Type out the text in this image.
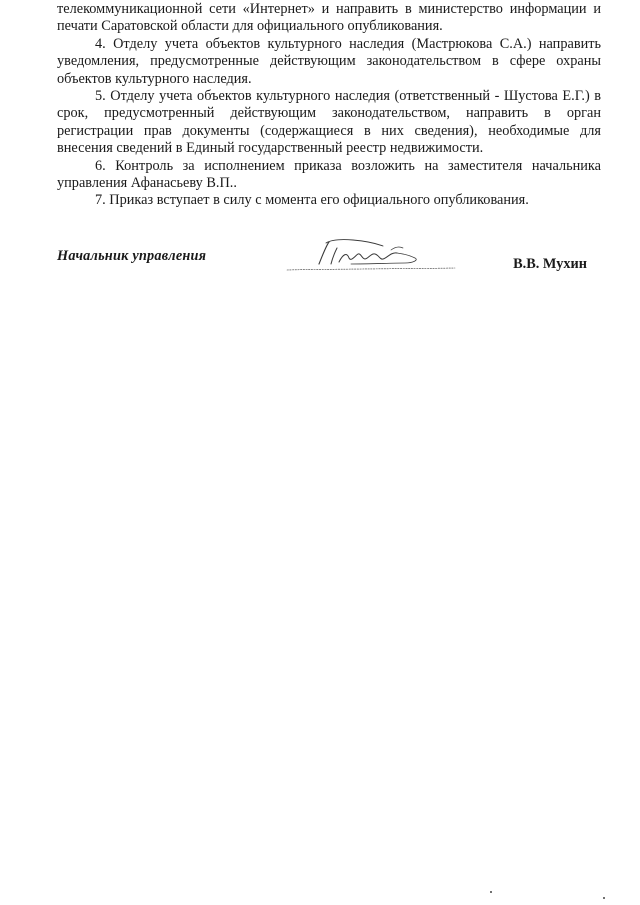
телекоммуникационной сети «Интернет» и направить в министерство информации и печати Саратовской области для официального опубликования.

4. Отделу учета объектов культурного наследия (Мастрюкова С.А.) направить уведомления, предусмотренные действующим законодательством в сфере охраны объектов культурного наследия.

5. Отделу учета объектов культурного наследия (ответственный - Шустова Е.Г.) в срок, предусмотренный действующим законодательством, направить в орган регистрации прав документы (содержащиеся в них сведения), необходимые для внесения сведений в Единый государственный реестр недвижимости.

6. Контроль за исполнением приказа возложить на заместителя начальника управления Афанасьеву В.П..

7. Приказ вступает в силу с момента его официального опубликования.

Начальник управления	В.В. Мухин
